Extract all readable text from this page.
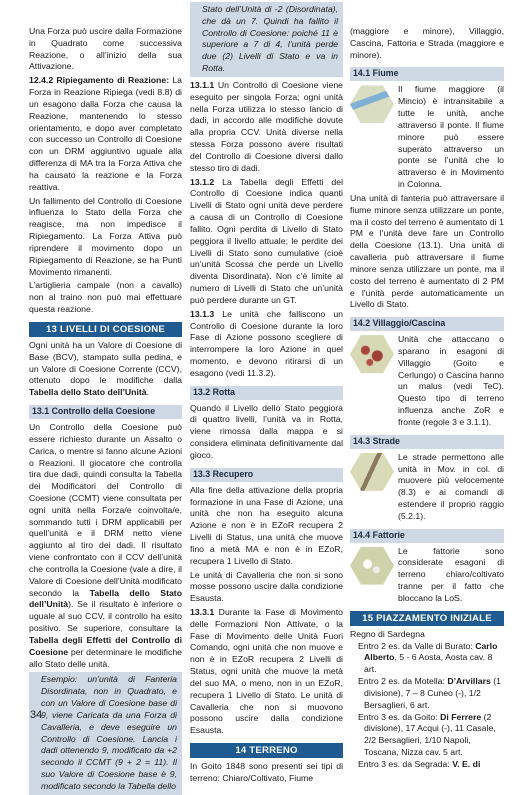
Una Forza può uscire dalla Formazione in Quadrato come successiva Reazione, o all’inizio della sua Attivazione.

12.4.2 Ripiegamento di Reazione: La Forza in Reazione Ripiega (vedi 8.8) di un esagono dalla Forza che causa la Reazione, mantenendo lo stesso orientamento, e dopo aver completato con successo un Controllo di Coesione con un DRM aggiuntivo uguale alla differenza di MA tra la Forza Attiva che ha causato la reazione e la Forza reattiva.

Un fallimento del Controllo di Coesione influenza lo Stato della Forza che reagisce, ma non impedisce il Ripiegamento. La Forza Attiva può riprendere il movimento dopo un Ripiegamento di Reazione, se ha Punti Movimento rimanenti.

L’artiglieria campale (non a cavallo) non al traino non può mai effettuare questa reazione.

13 LIVELLI DI COESIONE

Ogni unità ha un Valore di Coesione di Base (BCV), stampato sulla pedina, e un Valore di Coesione Corrente (CCV), ottenuto dopo le modifiche dalla Tabella dello Stato dell’Unità.

13.1 Controllo della Coesione

Un Controllo della Coesione può essere richiesto durante un Assalto o Carica, o mentre si fanno alcune Azioni o Reazioni. Il giocatore che controlla tira due dadi, quindi consulta la Tabella dei Modificatori del Controllo di Coesione (CCMT) viene consultata per ogni unità nella Forza/e coinvolta/e, sommando tutti i DRM applicabili per quell’unità e il DRM netto viene aggiunto al tiro dei dadi. Il risultato viene confrontato con il CCV dell’unità che controlla la Coesione (vale a dire, il Valore di Coesione dell’Unità modificato secondo la Tabella dello Stato dell’Unità). Se il risultato è inferiore o uguale al suo CCV, il controllo ha esito positivo. Se superiore, consultare la Tabella degli Effetti del Controllo di Coesione per determinare le modifiche allo Stato delle unità.

Esempio: un’unità di Fanteria Disordinata, non in Quadrato, e con un Valore di Coesione base di 9, viene Caricata da una Forza di Cavalleria, e deve eseguire un Controllo di Coesione. Lancia i dadi ottenendo 9, modificato da +2 secondo il CCMT (9 + 2 = 11). Il suo Valore di Coesione base è 9, modificato secondo la Tabella dello
Stato dell’Unità di -2 (Disordinata), che dà un 7. Quindi ha fallito il Controllo di Coesione: poiché 11 è superiore a 7 di 4, l’unità perde due (2) Livelli di Stato e va in Rotta.

13.1.1 Un Controllo di Coesione viene eseguito per singola Forza; ogni unità nella Forza utilizza lo stesso lancio di dadi, in accordo alle modifiche dovute alla propria CCV. Unità diverse nella stessa Forza possono avere risultati del Controllo di Coesione diversi dallo stesso tiro di dadi.

13.1.2 La Tabella degli Effetti del Controllo di Coesione indica quanti Livelli di Stato ogni unità deve perdere a causa di un Controllo di Coesione fallito. Ogni perdita di Livello di Stato peggiora il livello attuale; le perdite dei Livelli di Stato sono cumulative (cioè un’unità Scossa che perde un Livello diventa Disordinata). Non c’è limite al numero di Livelli di Stato che un’unità può perdere durante un GT.

13.1.3 Le unità che falliscono un Controllo di Coesione durante la loro Fase di Azione possono scegliere di interrompere la loro Azione in quel momento, e devono ritirarsi di un esagono (vedi 11.3.2).

13.2 Rotta

Quando il Livello dello Stato peggiora di quattro livelli, l’unità va in Rotta, viene rimossa dalla mappa e si considera eliminata definitivamente dal gioco.

13.3 Recupero

Alla fine della attivazione della propria formazione in una Fase di Azione, una unità che non ha eseguito alcuna Azione e non è in EZoR recupera 2 Livelli di Status, una unità che muove fino a metà MA e non è in EZoR, recupera 1 Livello di Stato.

Le unità di Cavalleria che non si sono mosse possono uscire dalla condizione Esausta.

13.3.1 Durante la Fase di Movimento delle Formazioni Non Attivate, o la Fase di Movimento delle Unità Fuori Comando, ogni unità che non muove e non è in EZoR recupera 2 Livelli di Status, ogni unità che muove la metà del suo MA, o meno, non in un EZoR, recupera 1 Livello di Stato. Le unità di Cavalleria che non si muovono possono uscire dalla condizione Esausta.

14 TERRENO

In Goito 1848 sono presenti sei tipi di terreno: Chiaro/Coltivato, Fiume

(maggiore e minore), Villaggio, Cascina, Fattoria e Strada (maggiore e minore).

14.1 Fiume
Il fiume maggiore (il Mincio) è intransitabile a tutte le unità, anche attraverso il ponte. Il fiume minore può essere superato attraverso un ponte se l’unità che lo attraverso è in Movimento in Colonna.

Una unità di fanteria può attraversare il fiume minore senza utilizzare un ponte, ma il costo del terreno è aumentato di 1 PM e l’unità deve fare un Controllo della Coesione (13.1). Una unità di cavalleria può attraversare il fiume minore senza utilizzare un ponte, ma il costo del terreno è aumentato di 2 PM e l’unità perde automaticamente un Livello di Stato.

14.2 Villaggio/Cascina
Unità che attaccano o sparano in esagoni di Villaggio (Goito e Cerlungo) o Cascina hanno un malus (vedi TeC). Questo tipo di terreno influenza anche ZoR e fronte (regole 3 e 3.1.1).
14.3 Strade
Le strade permettono alle unità in Mov. in col. di muovere più velocemente (8.3) e ai comandi di estendere il proprio raggio (5.2.1).
14.4 Fattorie
Le fattorie sono considerate esagoni di terreno chiaro/coltivato tranne per il fatto che bloccano la LoS.
15 PIAZZAMENTO INIZIALE

Regno di Sardegna

Entro 2 es. da Valle di Burato: Carlo Alberto, 5 - 6 Aosta, Aosta cav. 8 art.
Entro 2 es. da Motella: D’Arvillars (1 divisione), 7 – 8 Cuneo (-), 1/2 Bersaglieri, 6 art.
Entro 3 es. da Goito: Di Ferrere (2 divisione), 17 Acqui (-), 11 Casale, 2/2 Bersaglieri, 1/10 Napoli, Toscana, Nizza cav. 5 art.
Entro 3 es. da Segrada: V. E. di
34
